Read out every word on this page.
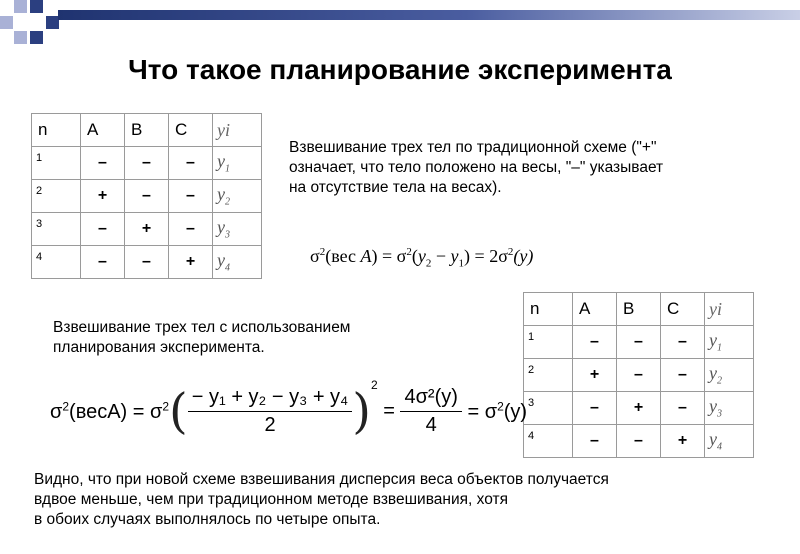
Что такое планирование эксперимента
n	A	B	C	yi
1	–	–	–	$y_1$
2	+	–	–	$y_2$
3	–	+	–	$y_3$
4	–	–	+	$y_4$
Взвешивание трех тел по традиционной схеме ("+" означает, что тело положено на весы, "–" указывает на отсутствие тела на весах).
$\sigma^2(вес$ $A) = \sigma^2(y_2 - y_1) = 2\sigma^2(y)$
n	A	B	C	yi
1	–	–	–	$y_1$
2	+	–	–	$y_2$
3	–	+	–	$y_3$
4	–	–	+	$y_4$
Взвешивание трех тел с использованием планирования эксперимента.
$\sigma^2(весA) = \sigma^2( \frac{\text{− y₁ + y₂ − y₃ + y₄}}{2} )^2 = \frac{\text{4σ²(y)}}{4} = \sigma^2(y)$
Видно, что при новой схеме взвешивания дисперсия веса объектов получается
вдвое меньше, чем при традиционном методе взвешивания, хотя
в обоих случаях выполнялось по четыре опыта.
